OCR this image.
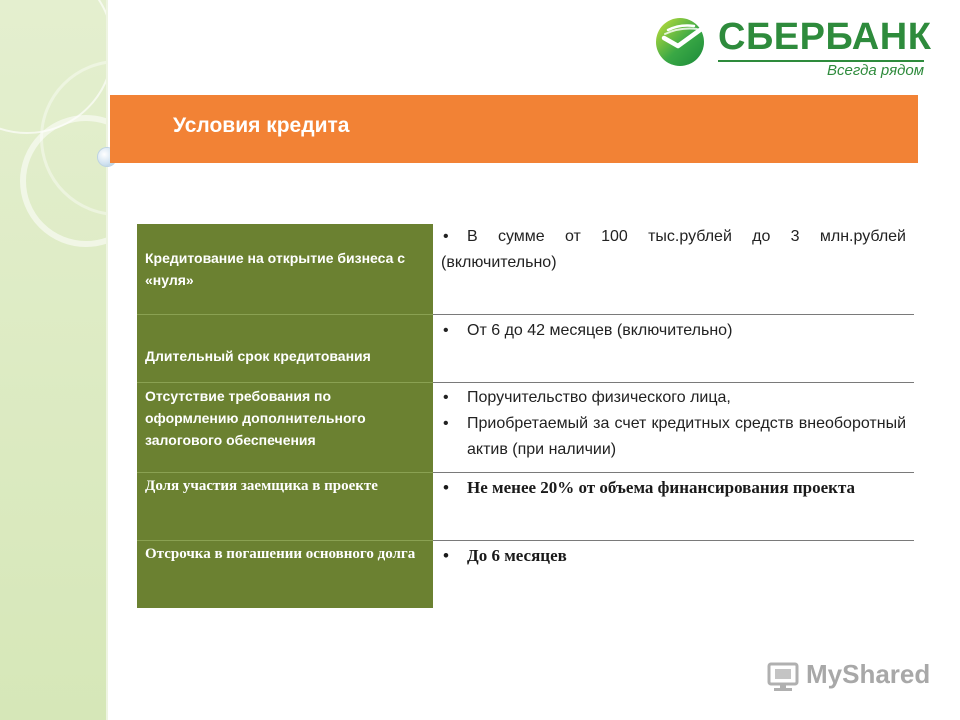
СБЕРБАНК
Всегда рядом
Условия кредита
Кредитование на открытие бизнеса с «нуля»
• В сумме от 100 тыс.рублей до 3 млн.рублей (включительно)
Длительный срок кредитования
• От 6 до 42 месяцев (включительно)
Отсутствие требования по оформлению дополнительного залогового обеспечения
• Поручительство физического лица,
• Приобретаемый за счет кредитных средств внеоборотный актив (при наличии)
Доля участия заемщика в проекте	• Не менее 20% от объема финансирования проекта
Отсрочка в погашении основного долга	• До 6 месяцев
MyShared
